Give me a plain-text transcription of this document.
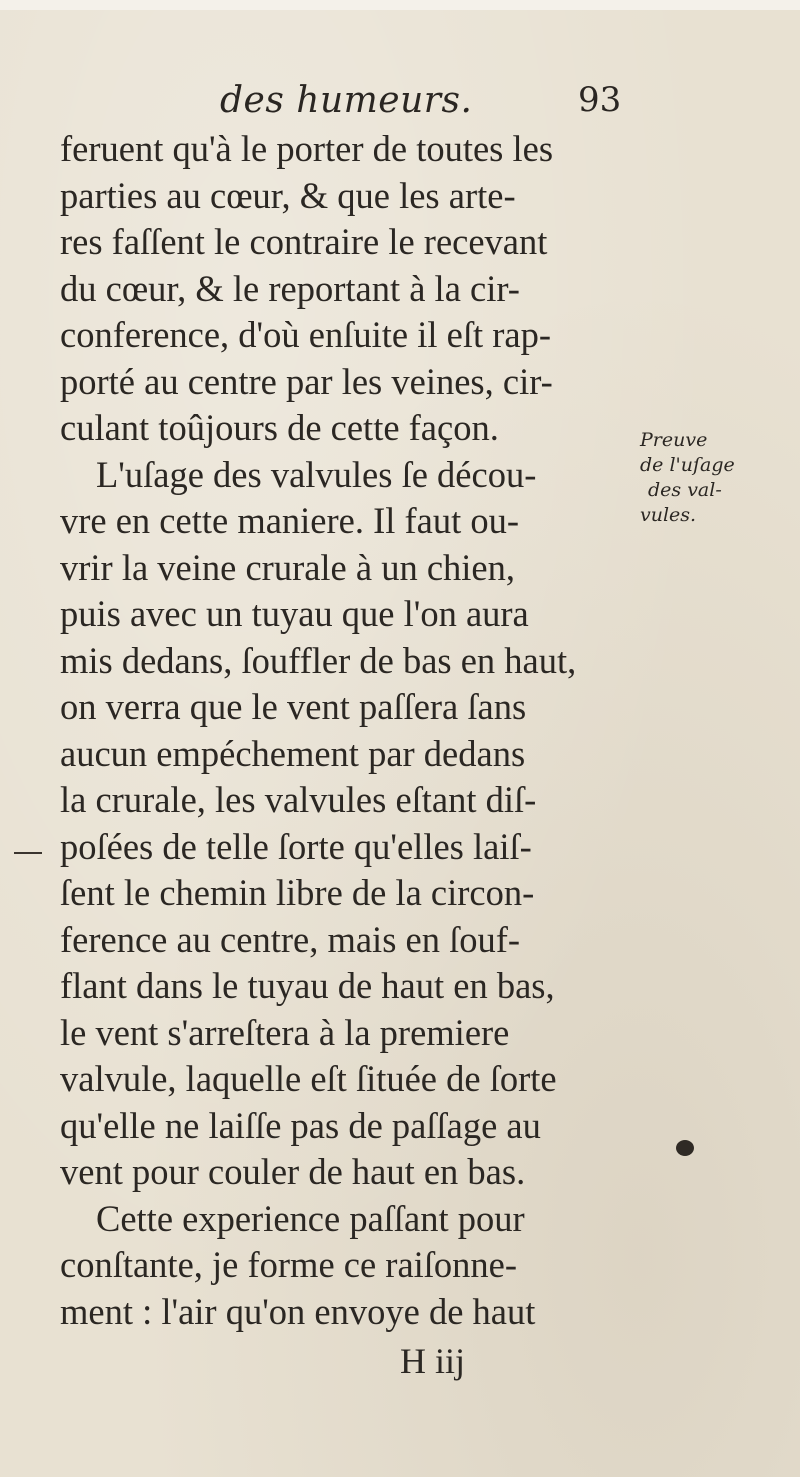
des humeurs.	93
feruent qu'à le porter de toutes les
parties au cœur, & que les arte-
res faſſent le contraire le recevant
du cœur, & le reportant à la cir-
conference, d'où enſuite il eſt rap-
porté au centre par les veines, cir-
culant toûjours de cette façon.
L'uſage des valvules ſe décou-
vre en cette maniere. Il faut ou-
vrir la veine crurale à un chien,
puis avec un tuyau que l'on aura
mis dedans, ſouffler de bas en haut,
on verra que le vent paſſera ſans
aucun empéchement par dedans
la crurale, les valvules eſtant diſ-
poſées de telle ſorte qu'elles laiſ-
ſent le chemin libre de la circon-
ference au centre, mais en ſouf-
flant dans le tuyau de haut en bas,
le vent s'arreſtera à la premiere
valvule, laquelle eſt ſituée de ſorte
qu'elle ne laiſſe pas de paſſage au
vent pour couler de haut en bas.
Cette experience paſſant pour
conſtante, je forme ce raiſonne-
ment : l'air qu'on envoye de haut
Preuve
de l'uſage
des val-
vules.
H iij
